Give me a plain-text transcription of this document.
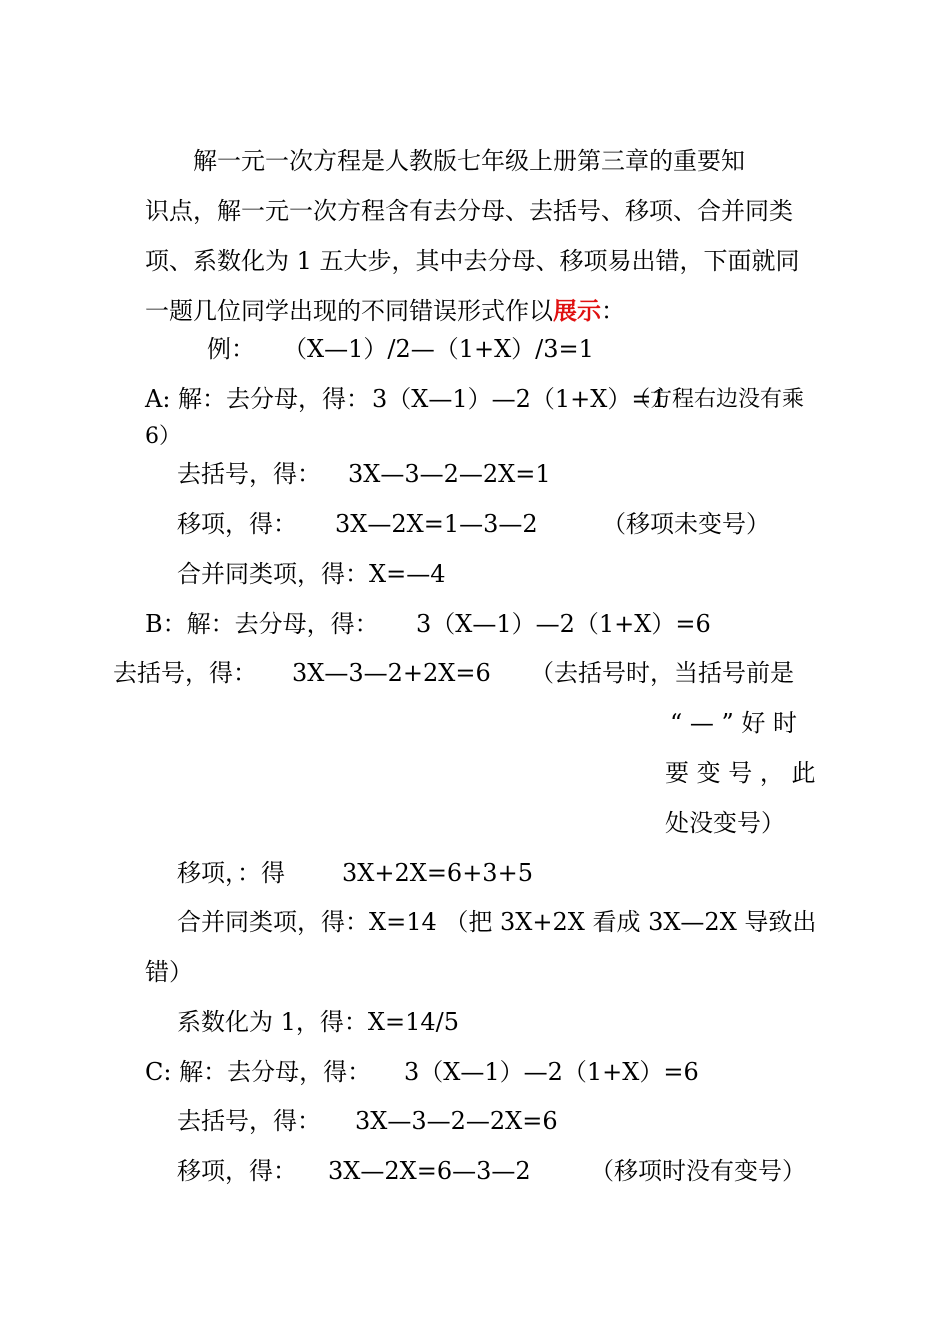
解一元一次方程是人教版七年级上册第三章的重要知
识点，解一元一次方程含有去分母、去括号、移项、合并同类
项、系数化为 1 五大步，其中去分母、移项易出错，下面就同
一题几位同学出现的不同错误形式作以 展示 ：
例： （X—1）/2—（1+X）/3=1
A: 解：去分母，得： 3（X—1）—2（1+X）=1
（方程右边没有乘
6）
去括号，得： 3X—3—2—2X=1
移项，得： 3X—2X=1—3—2	（移项未变号）
合并同类项，得：X=—4
B：解：去分母，得： 3（X—1）—2（1+X）=6
去括号，得： 3X—3—2+2X=6 （去括号时，当括号前是
“ — ” 好 时
要 变 号 ， 此
处没变号）
移项，：得 3X+2X=6+3+5
合并同类项，得：X=14 （把 3X+2X 看成 3X—2X 导致出
错）
系数化为 1，得：X=14/5
C: 解：去分母，得： 3（X—1）—2（1+X）=6
去括号，得： 3X—3—2—2X=6
移项，得： 3X—2X=6—3—2 （移项时没有变号）
